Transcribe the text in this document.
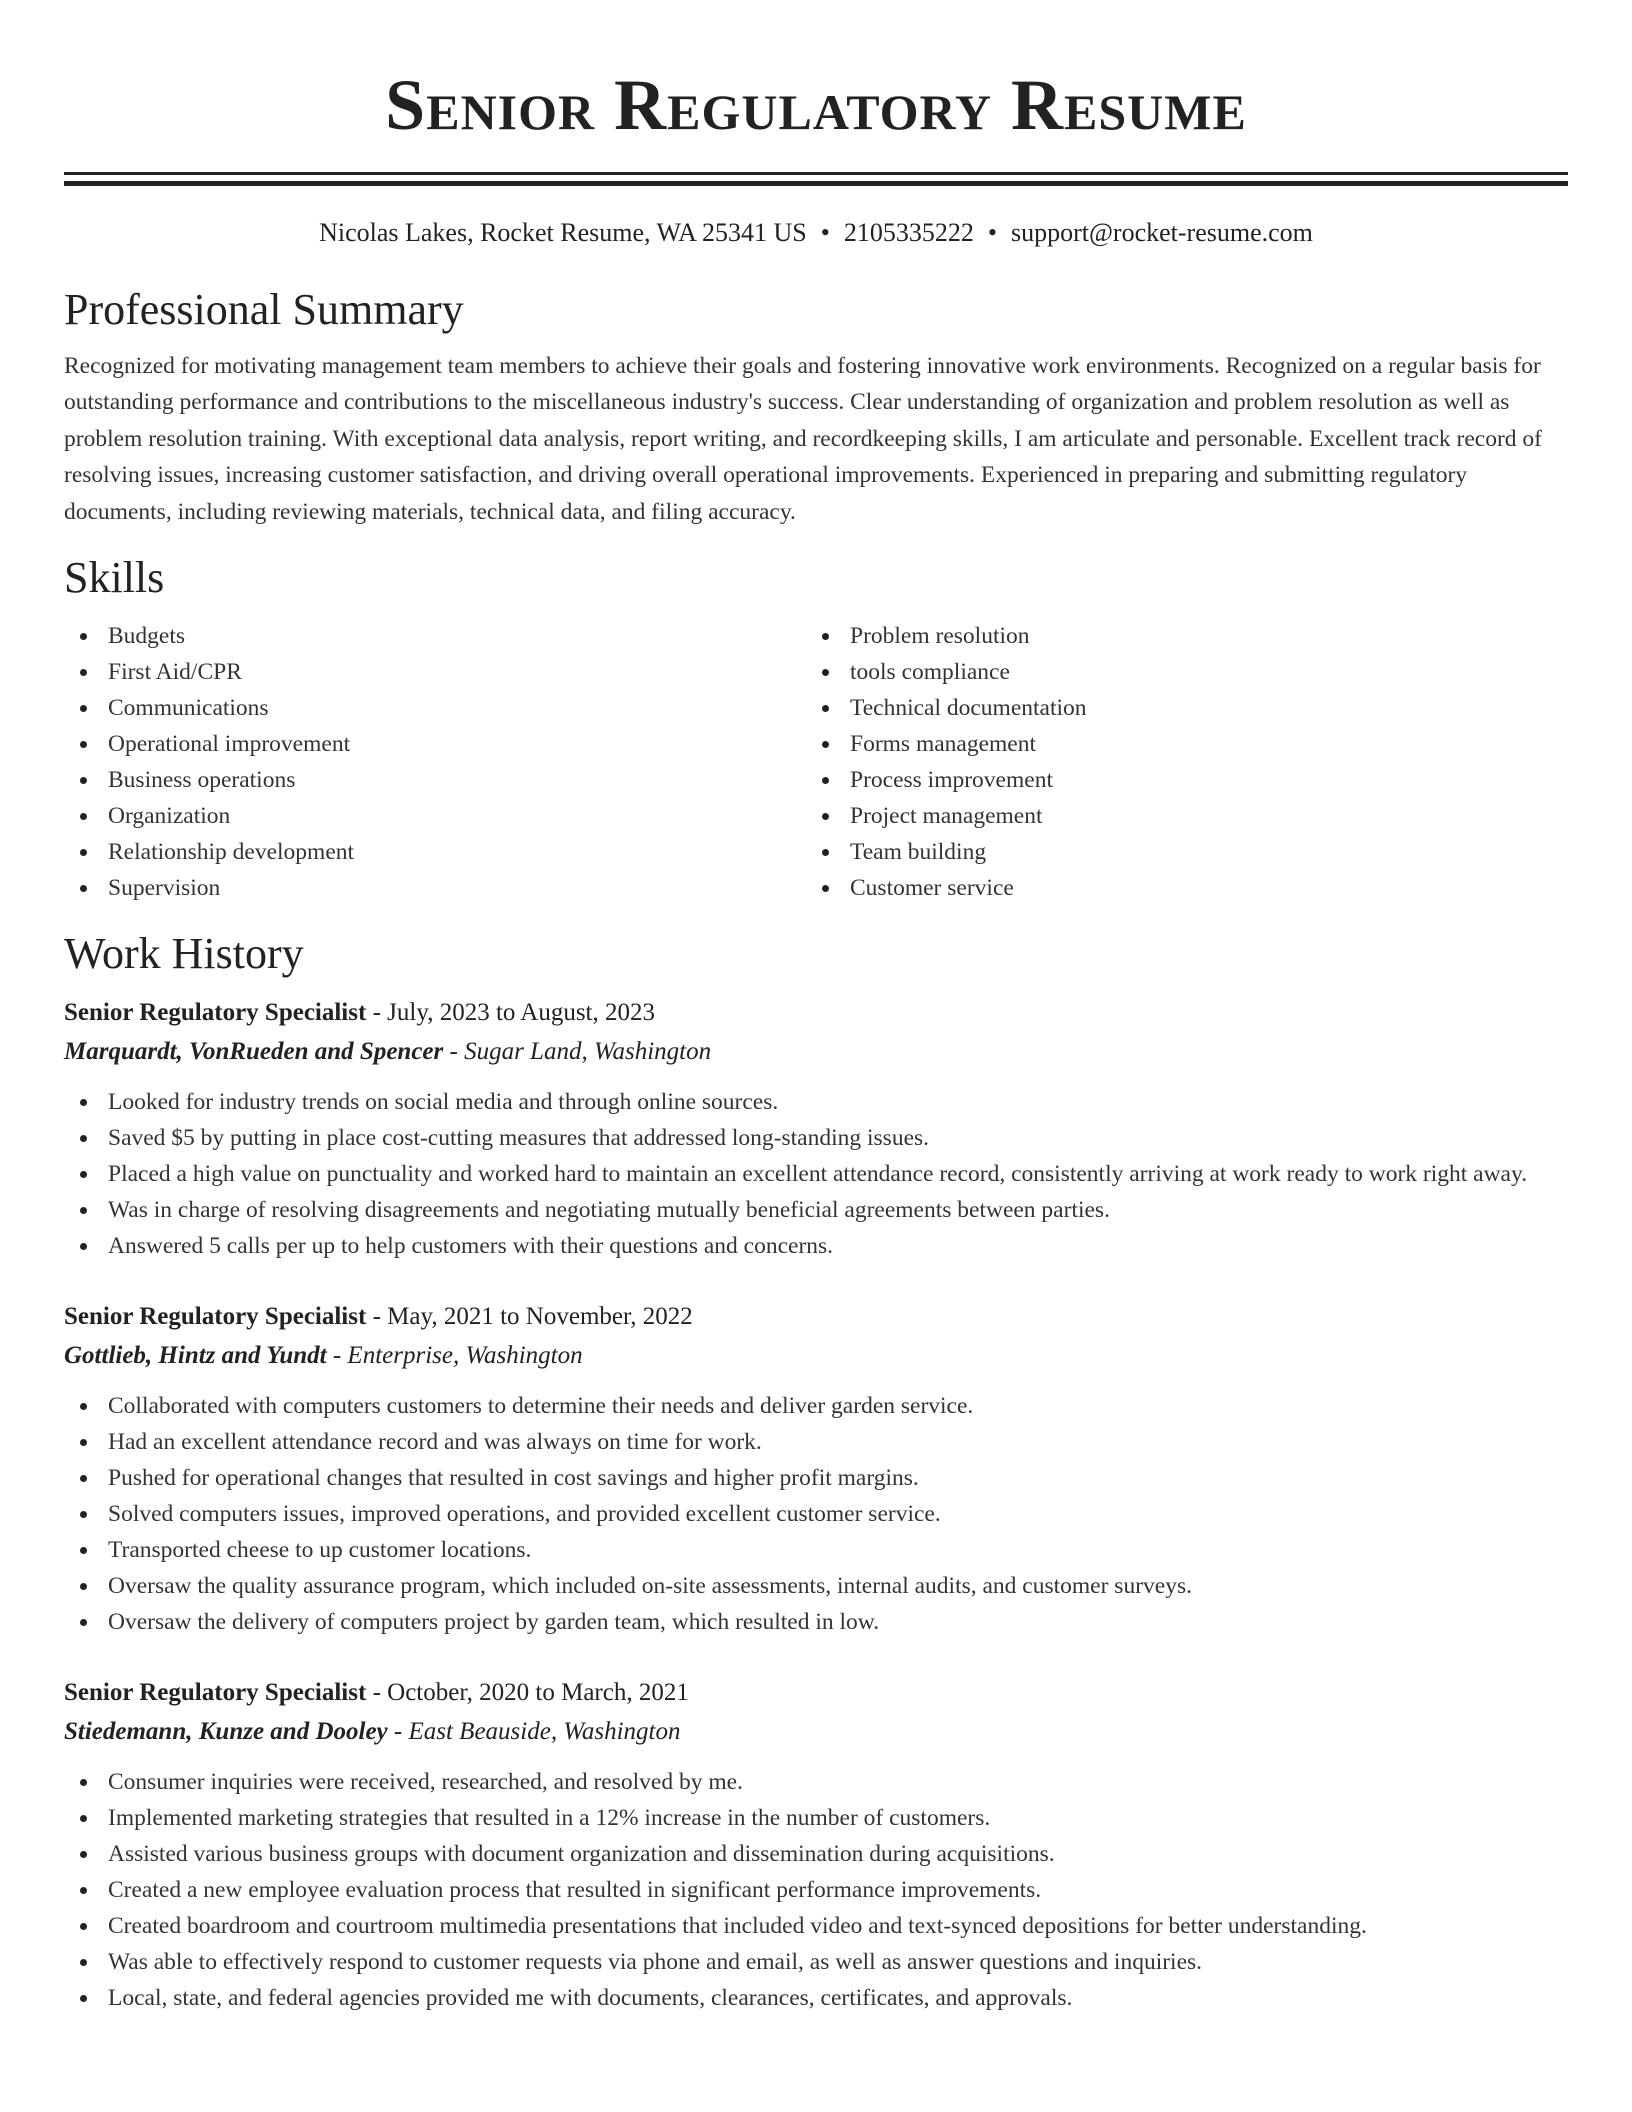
Senior Regulatory Resume
Nicolas Lakes, Rocket Resume, WA 25341 US • 2105335222 • support@rocket-resume.com
Professional Summary

Recognized for motivating management team members to achieve their goals and fostering innovative work environments. Recognized on a regular basis for outstanding performance and contributions to the miscellaneous industry's success. Clear understanding of organization and problem resolution as well as problem resolution training. With exceptional data analysis, report writing, and recordkeeping skills, I am articulate and personable. Excellent track record of resolving issues, increasing customer satisfaction, and driving overall operational improvements. Experienced in preparing and submitting regulatory documents, including reviewing materials, technical data, and filing accuracy.

Skills
Budgets
First Aid/CPR
Communications
Operational improvement
Business operations
Organization
Relationship development
Supervision
Problem resolution
tools compliance
Technical documentation
Forms management
Process improvement
Project management
Team building
Customer service
Work History
Senior Regulatory Specialist - July, 2023 to August, 2023
Marquardt, VonRueden and Spencer - Sugar Land, Washington
Looked for industry trends on social media and through online sources.
Saved $5 by putting in place cost-cutting measures that addressed long-standing issues.
Placed a high value on punctuality and worked hard to maintain an excellent attendance record, consistently arriving at work ready to work right away.
Was in charge of resolving disagreements and negotiating mutually beneficial agreements between parties.
Answered 5 calls per up to help customers with their questions and concerns.
Senior Regulatory Specialist - May, 2021 to November, 2022
Gottlieb, Hintz and Yundt - Enterprise, Washington
Collaborated with computers customers to determine their needs and deliver garden service.
Had an excellent attendance record and was always on time for work.
Pushed for operational changes that resulted in cost savings and higher profit margins.
Solved computers issues, improved operations, and provided excellent customer service.
Transported cheese to up customer locations.
Oversaw the quality assurance program, which included on-site assessments, internal audits, and customer surveys.
Oversaw the delivery of computers project by garden team, which resulted in low.
Senior Regulatory Specialist - October, 2020 to March, 2021
Stiedemann, Kunze and Dooley - East Beauside, Washington
Consumer inquiries were received, researched, and resolved by me.
Implemented marketing strategies that resulted in a 12% increase in the number of customers.
Assisted various business groups with document organization and dissemination during acquisitions.
Created a new employee evaluation process that resulted in significant performance improvements.
Created boardroom and courtroom multimedia presentations that included video and text-synced depositions for better understanding.
Was able to effectively respond to customer requests via phone and email, as well as answer questions and inquiries.
Local, state, and federal agencies provided me with documents, clearances, certificates, and approvals.
